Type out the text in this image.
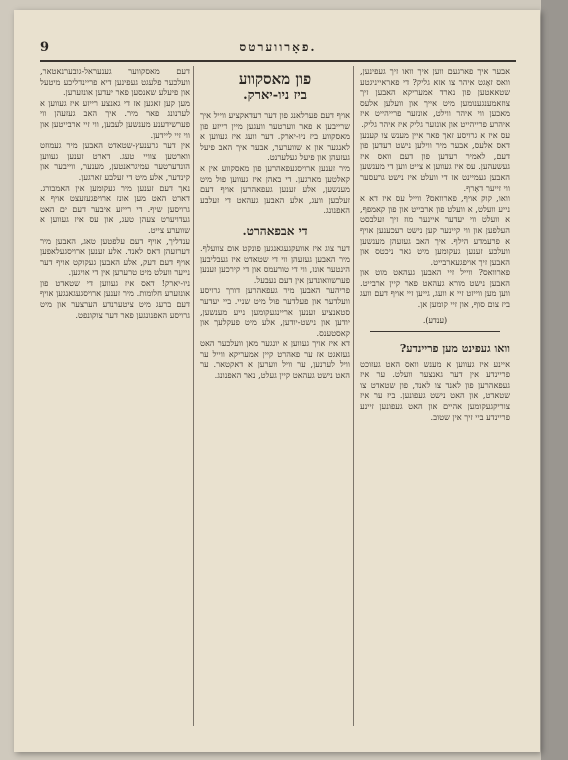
9	פאָרווערטס.

אבער איך פארגעם ווען איך וואו זיך געפינען, וואס זאָגט איהר צו אזא גליק? די פאראייניגטע שטאאטען פון נארד אמעריקא האבען זיך צוזאמענגענומען מיט אייך און וועלען אלעס מאכען ווי איהר ווילט, אונזער פרייהייט איז איהרע פרייהייט און אונזער גליק איז איהר גליק.

עס איז א גרויסע זאך פאר איין מענש צו קענען דאס אלעס, אבער מיר ווילען נישט רעדען פון דעם, לאמיר רעדען פון דעם וואס איז געשעהען. עס איז געווען א צייט ווען די מענשען האבען געמיינט אז די וועלט איז נישט גרעסער ווי זייער דאָרף.

וואו, קוק אויף, פארוואס? ווייל עס איז דא א נייע וועלט, א וועלט פון ארבייט און פון קאמפף, א וועלט ווי יעדער איינער מוז זיך זעלבסט העלפען און ווי קיינער קען נישט רעכענען אויף א פרעמדע הילף. איך האב געזעהן מענשען וועלכע זענען געקומען מיט גאר ניכטס און האבען זיך אויפגעארבייט.

פארוואס? ווייל זיי האבען געהאט מוט און האבען נישט מורא געהאט פאר קיין ארבייט. ווען מען ווייזט זיי א וועג, גייען זיי אויף דעם וועג ביז צום סוף, און זיי קומען אן.

(ענדע).
וואו געפינט מען פריינדע?

איינע איז געווען א מענש וואס האט געזוכט פריינדע אין דער גאנצער וועלט. ער איז געפאהרען פון לאנד צו לאנד, פון שטאדט צו שטאדט, און האט נישט געפונען. ביז ער איז צוריקגעקומען אהיים און האט געפונען זיינע פריינדע ביי זיך אין שטוב.

פון מאסקווע
ביז ניו-יארק.

אויף דעם פערלאנג פון דער רעדאקציע ווייל איך שרייבען א פאר ווערטער וועגען מיין רייזע פון מאסקווע ביז ניו-יארק. דער וועג איז געווען א לאנגער און א שווערער, אבער איך האב פיעל געזעהן און פיעל געלערנט.

מיר זענען ארויסגעפאהרען פון מאסקווע אין א קאלטען מארגען. די באהן איז געווען פול מיט מענשען, אלע זענען געפאהרען אויף דעם זעלבען וועג, אלע האבען געהאט די זעלבע האפנונג.

די אבפאהרט.

דער צוג איז אוועקגעגאנגען פונקט אום צוועלף. מיר האבען געזעהן ווי די שטאדט איז געבליבען הינטער אונז, ווי די טורעמס און די קירכען זענען פערשוואונדען אין דעם נעבעל.

פריהער האבען מיר געפאהרען דורך גרויסע וועלדער און פעלדער פול מיט שניי. ביי יעדער סטאנציע זענען אריינגעקומען נייע מענשען, יודען און נישט-יודען, אלע מיט פעקלעך און קאסטענס.

דא איז אויך געווען א יונגער מאן וועלכער האט געזאגט אז ער פאהרט קיין אמעריקא ווייל ער וויל לערנען, ער וויל ווערען א דאקטאר. ער האט נישט געהאט קיין געלט, נאר האפנונג.

דעם מאסקווער גענעראל-גובערנאטאר, וועלכער פלעגט געפינען דיא פריינדליכע מיטעל און פיעלע שאנסען פאר יעדען אונזערען.

מען קען זאגען אז די גאנצע רייזע איז געווען א לערנונג פאר מיר. איך האב געזעהן ווי פערשידענע מענשען לעבען, ווי זיי ארבייטען און ווי זיי ליידען.

אין דער גרענעץ-שטאדט האבען מיר געמוזט ווארטען צוויי טעג. דארט זענען געווען הונדערטער עמיגראנטען, מענער, ווייבער און קינדער, אלע מיט די זעלבע זארגען.

נאך דעם זענען מיר געקומען אין האמבורג. דארט האט מען אונז ארויפגעזעצט אויף א גרויסען שיף. די רייזע איבער דעם ים האט געדויערט צעהן טעג, און עס איז געווען א שווערע צייט.

ענדליך, אויף דעם עלפטען טאג, האבען מיר דערזעהן דאס לאנד. אלע זענען ארויסגעלאפען אויף דעם דעק, אלע האבען געקוקט אויף דער נייער וועלט מיט טרערען אין די אויגען.

ניו-יארק! דאס איז געווען די שטאדט פון אונזערע חלומות. מיר זענען ארויסגעגאנגען אויף דעם ברעג מיט ציטערנדע הערצער און מיט גרויסע האפנונגען פאר דער צוקונפט.
